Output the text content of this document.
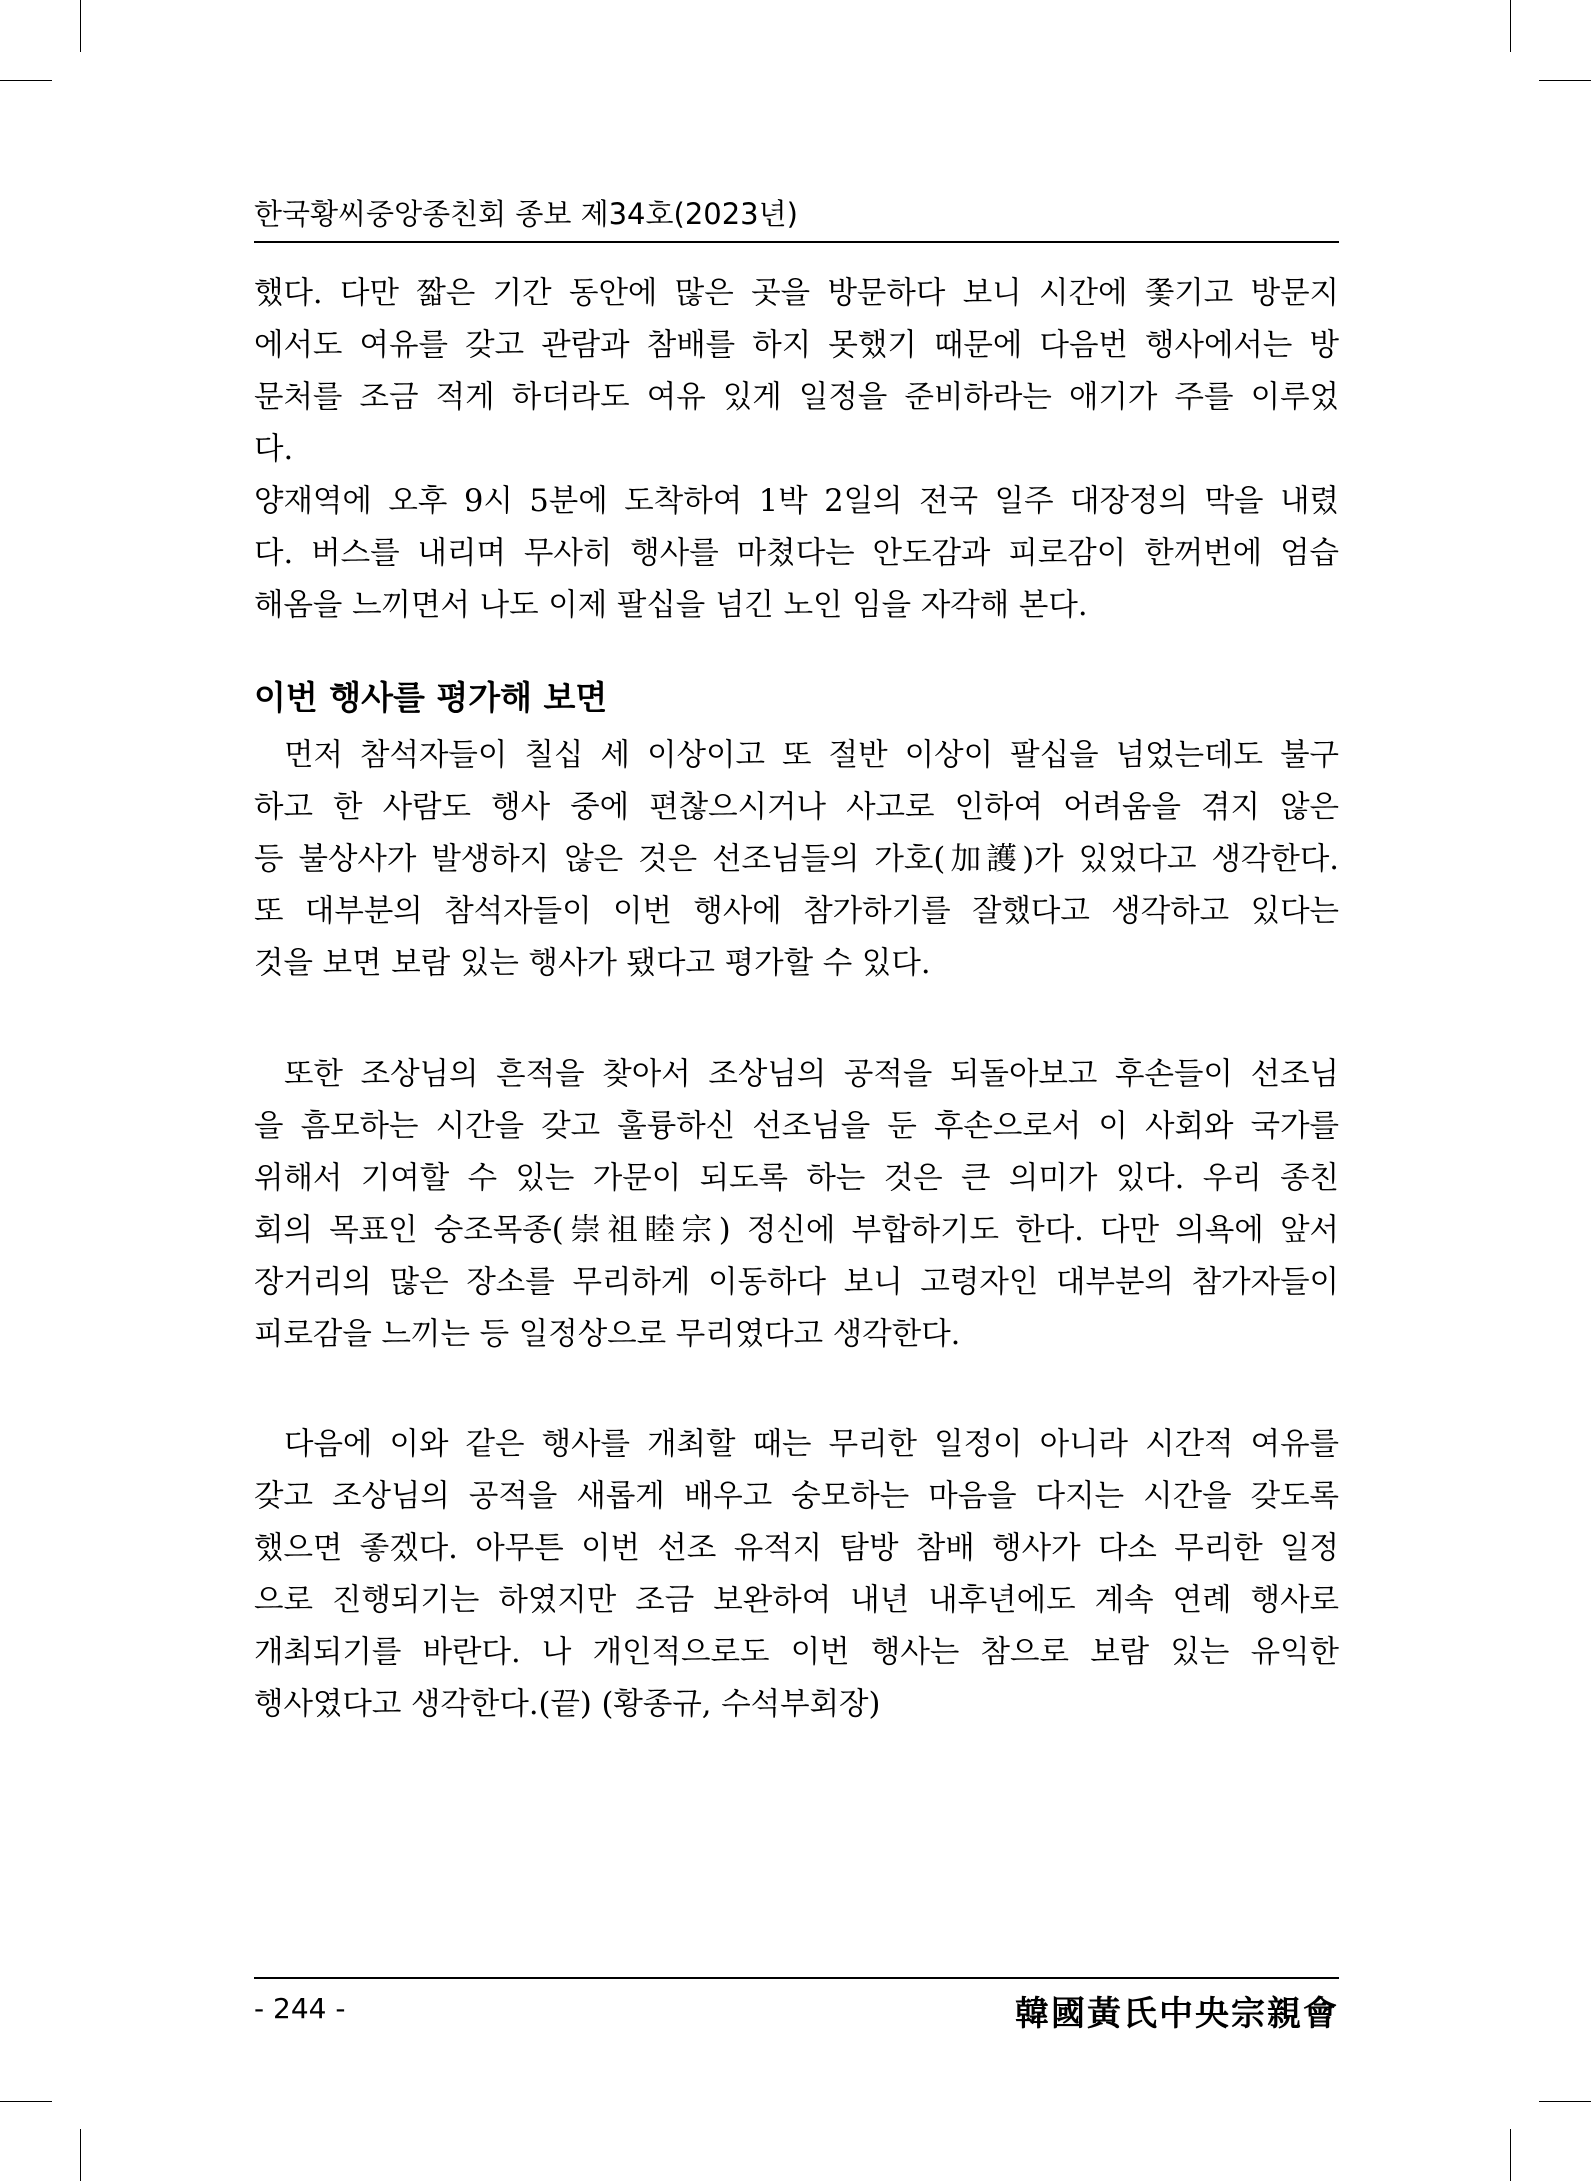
한국황씨중앙종친회 종보 제34호(2023년)
했다. 다만 짧은 기간 동안에 많은 곳을 방문하다 보니 시간에 쫓기고 방문지
에서도 여유를 갖고 관람과 참배를 하지 못했기 때문에 다음번 행사에서는 방
문처를 조금 적게 하더라도 여유 있게 일정을 준비하라는 애기가 주를 이루었
다.
양재역에 오후 9시 5분에 도착하여 1박 2일의 전국 일주 대장정의 막을 내렸
다. 버스를 내리며 무사히 행사를 마쳤다는 안도감과 피로감이 한꺼번에 엄습
해옴을 느끼면서 나도 이제 팔십을 넘긴 노인 임을 자각해 본다.
이번 행사를 평가해 보면
먼저 참석자들이 칠십 세 이상이고 또 절반 이상이 팔십을 넘었는데도 불구
하고 한 사람도 행사 중에 편찮으시거나 사고로 인하여 어려움을 겪지 않은
등 불상사가 발생하지 않은 것은 선조님들의 가호(加護)가 있었다고 생각한다.
또 대부분의 참석자들이 이번 행사에 참가하기를 잘했다고 생각하고 있다는
것을 보면 보람 있는 행사가 됐다고 평가할 수 있다.
또한 조상님의 흔적을 찾아서 조상님의 공적을 되돌아보고 후손들이 선조님
을 흠모하는 시간을 갖고 훌륭하신 선조님을 둔 후손으로서 이 사회와 국가를
위해서 기여할 수 있는 가문이 되도록 하는 것은 큰 의미가 있다. 우리 종친
회의 목표인 숭조목종(崇祖睦宗) 정신에 부합하기도 한다. 다만 의욕에 앞서
장거리의 많은 장소를 무리하게 이동하다 보니 고령자인 대부분의 참가자들이
피로감을 느끼는 등 일정상으로 무리였다고 생각한다.
다음에 이와 같은 행사를 개최할 때는 무리한 일정이 아니라 시간적 여유를
갖고 조상님의 공적을 새롭게 배우고 숭모하는 마음을 다지는 시간을 갖도록
했으면 좋겠다. 아무튼 이번 선조 유적지 탐방 참배 행사가 다소 무리한 일정
으로 진행되기는 하였지만 조금 보완하여 내년 내후년에도 계속 연례 행사로
개최되기를 바란다. 나 개인적으로도 이번 행사는 참으로 보람 있는 유익한
행사였다고 생각한다.(끝) (황종규, 수석부회장)
- 244 -	韓國黃氏中央宗親會
